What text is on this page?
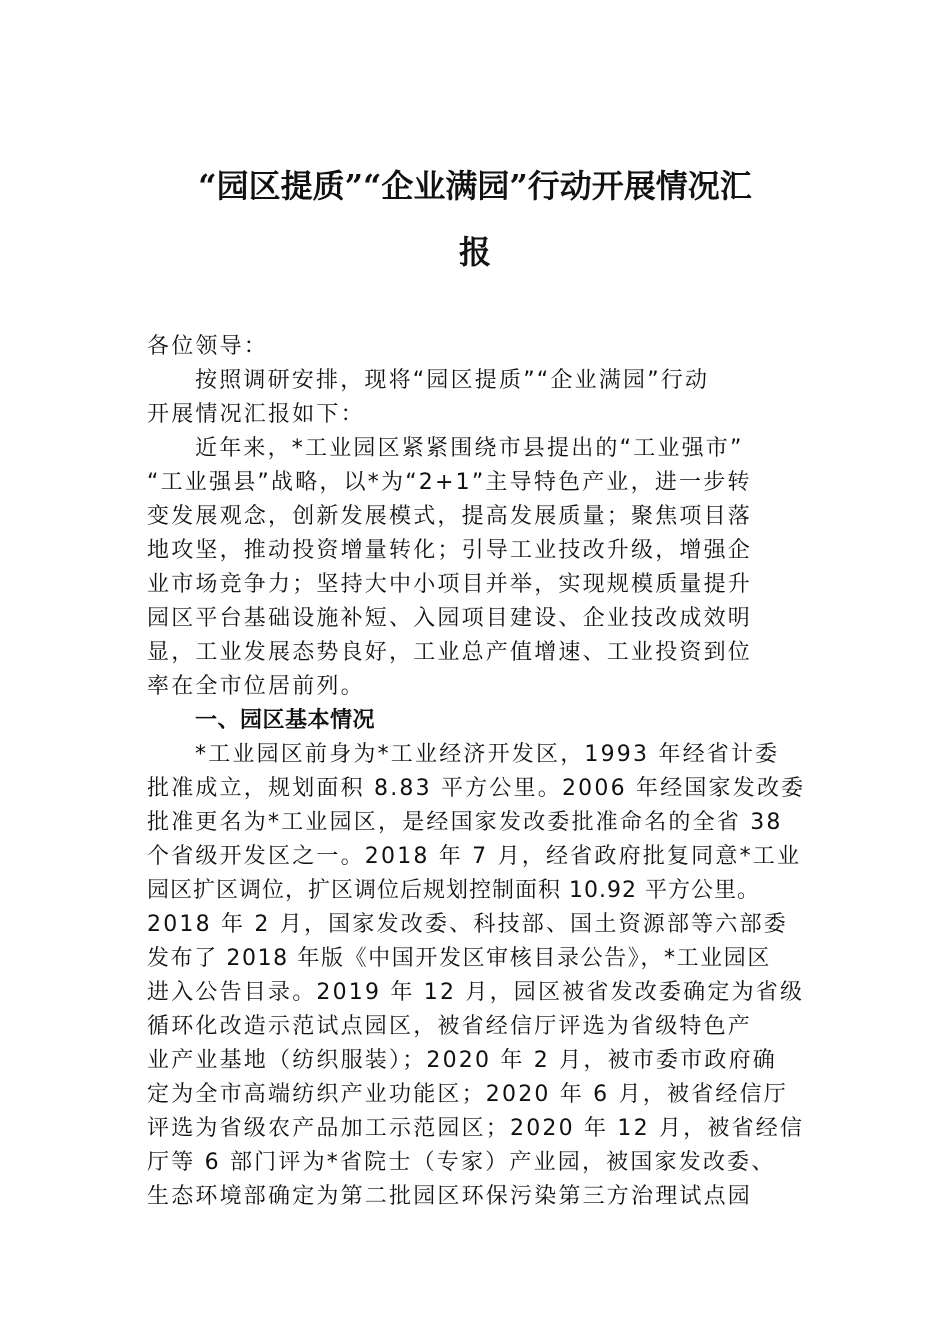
“园区提质”“企业满园”行动开展情况汇
报
各位领导：
按照调研安排，现将“园区提质”“企业满园”行动
开展情况汇报如下：
近年来，*工业园区紧紧围绕市县提出的“工业强市”
“工业强县”战略，以*为“2+1”主导特色产业，进一步转
变发展观念，创新发展模式，提高发展质量；聚焦项目落
地攻坚，推动投资增量转化；引导工业技改升级，增强企
业市场竞争力；坚持大中小项目并举，实现规模质量提升
园区平台基础设施补短、入园项目建设、企业技改成效明
显，工业发展态势良好，工业总产值增速、工业投资到位
率在全市位居前列。
一、园区基本情况
*工业园区前身为*工业经济开发区，1993 年经省计委
批准成立，规划面积 8.83 平方公里。2006 年经国家发改委
批准更名为*工业园区，是经国家发改委批准命名的全省 38
个省级开发区之一。2018 年 7 月，经省政府批复同意*工业
园区扩区调位，扩区调位后规划控制面积 10.92 平方公里。
2018 年 2 月，国家发改委、科技部、国土资源部等六部委
发布了 2018 年版《中国开发区审核目录公告》，*工业园区
进入公告目录。2019 年 12 月，园区被省发改委确定为省级
循环化改造示范试点园区，被省经信厅评选为省级特色产
业产业基地（纺织服装）；2020 年 2 月，被市委市政府确
定为全市高端纺织产业功能区；2020 年 6 月，被省经信厅
评选为省级农产品加工示范园区；2020 年 12 月，被省经信
厅等 6 部门评为*省院士（专家）产业园，被国家发改委、
生态环境部确定为第二批园区环保污染第三方治理试点园
